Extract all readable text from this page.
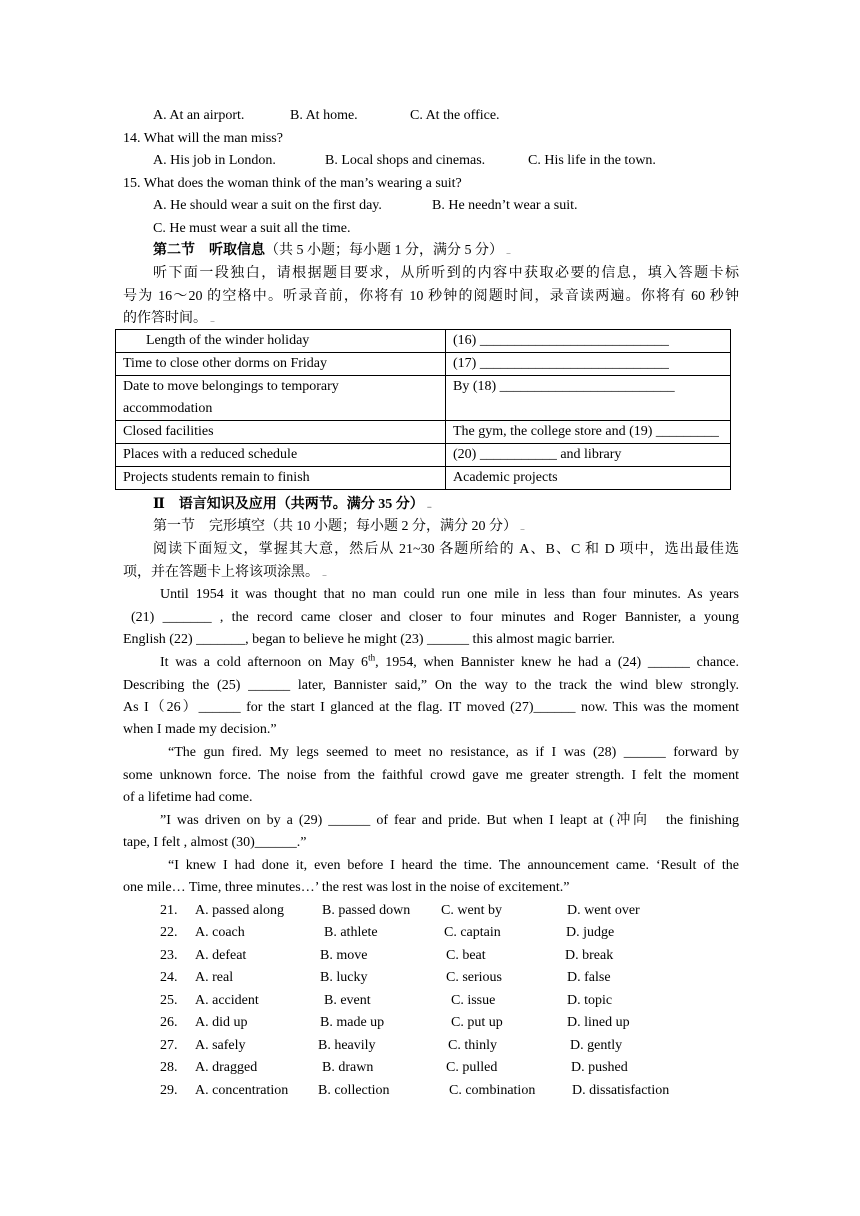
A. At an airport.	B. At home.	C. At the office.
14. What will the man miss?
A. His job in London.	B. Local shops and cinemas.	C. His life in the town.
15. What does the woman think of the man’s wearing a suit?
A. He should wear a suit on the first day.	B. He needn’t wear a suit.
C. He must wear a suit all the time.
第二节　听取信息（共 5 小题；每小题 1 分，满分 5 分） ....
听下面一段独白，请根据题目要求，从所听到的内容中获取必要的信息，填入答题卡标
号为 16～20 的空格中。听录音前，你将有 10 秒钟的阅题时间，录音读两遍。你将有 60 秒钟
的作答时间。 ....
Length of the winder holiday	(16) ___________________________
Time to close other dorms on Friday	(17) ___________________________

Date to move belongings to temporary
accommodation	By (18) _________________________
Closed facilities	The gym, the college store and (19) _________
Places with a reduced schedule	(20) ___________ and library
Projects students remain to finish	Academic projects
Ⅱ　语言知识及应用（共两节。满分 35 分） ....
第一节　完形填空（共 10 小题；每小题 2 分，满分 20 分） ....
阅读下面短文，掌握其大意，然后从 21~30 各题所给的 A、B、C 和 D 项中，选出最佳选
项，并在答题卡上将该项涂黑。 ....
Until 1954 it was thought that no man could run one mile in less than four minutes. As years
(21) _______ , the record came closer and closer to four minutes and Roger Bannister, a young
English (22) _______, began to believe he might (23) ______ this almost magic barrier.
It was a cold afternoon on May 6th, 1954, when Bannister knew he had a (24) ______ chance.
Describing the (25) ______ later, Bannister said,” On the way to the track the wind blew strongly.
As I（26）______ for the start I glanced at the flag. IT moved (27)______ now. This was the moment
when I made my decision.”
“The gun fired. My legs seemed to meet no resistance, as if I was (28) ______ forward by
some unknown force. The noise from the faithful crowd gave me greater strength. I felt the moment
of a lifetime had come.
”I was driven on by a (29) ______ of fear and pride. But when I leapt at (冲向　the finishing
tape, I felt , almost (30)______.”
“I knew I had done it, even before I heard the time. The announcement came. ‘Result of the
one mile… Time, three minutes…’ the rest was lost in the noise of excitement.”
21. A. passed along	B. passed down C. went by	D. went over
22. A. coach	B. athlete	C. captain	D. judge
23. A. defeat	B. move	C. beat	D. break
24. A. real	B. lucky	C. serious	D. false
25. A. accident	B. event	C. issue	D. topic
26. A. did up	B. made up	C. put up	D. lined up
27. A. safely	B. heavily	C. thinly	D. gently
28. A. dragged	B. drawn	C. pulled	D. pushed
29. A. concentration B. collection	C. combination	D. dissatisfaction
